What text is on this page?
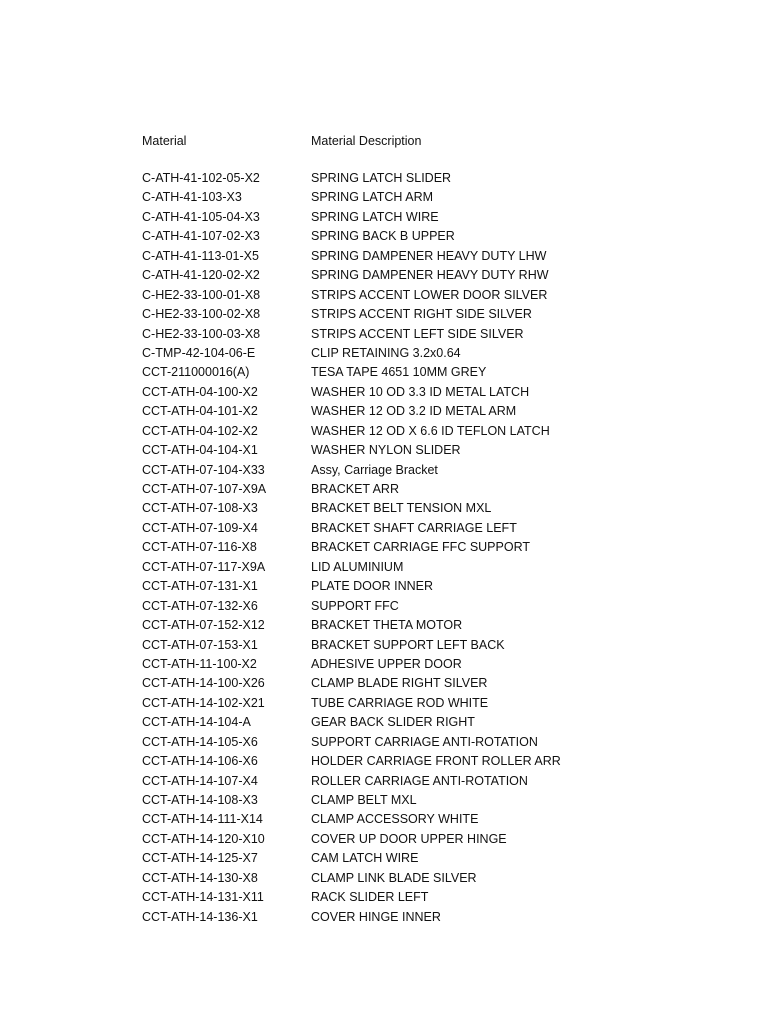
Material	Material Description
C-ATH-41-102-05-X2	SPRING LATCH SLIDER
C-ATH-41-103-X3	SPRING LATCH ARM
C-ATH-41-105-04-X3	SPRING LATCH WIRE
C-ATH-41-107-02-X3	SPRING BACK B UPPER
C-ATH-41-113-01-X5	SPRING DAMPENER HEAVY DUTY LHW
C-ATH-41-120-02-X2	SPRING DAMPENER HEAVY DUTY RHW
C-HE2-33-100-01-X8	STRIPS ACCENT LOWER DOOR SILVER
C-HE2-33-100-02-X8	STRIPS ACCENT RIGHT SIDE SILVER
C-HE2-33-100-03-X8	STRIPS ACCENT LEFT SIDE SILVER
C-TMP-42-104-06-E	CLIP RETAINING 3.2x0.64
CCT-211000016(A)	TESA TAPE 4651 10MM GREY
CCT-ATH-04-100-X2	WASHER 10 OD 3.3 ID METAL LATCH
CCT-ATH-04-101-X2	WASHER 12 OD 3.2 ID METAL ARM
CCT-ATH-04-102-X2	WASHER 12 OD X 6.6 ID TEFLON LATCH
CCT-ATH-04-104-X1	WASHER NYLON SLIDER
CCT-ATH-07-104-X33	Assy, Carriage Bracket
CCT-ATH-07-107-X9A	BRACKET ARR
CCT-ATH-07-108-X3	BRACKET BELT TENSION MXL
CCT-ATH-07-109-X4	BRACKET SHAFT CARRIAGE LEFT
CCT-ATH-07-116-X8	BRACKET CARRIAGE FFC SUPPORT
CCT-ATH-07-117-X9A	LID ALUMINIUM
CCT-ATH-07-131-X1	PLATE DOOR INNER
CCT-ATH-07-132-X6	SUPPORT FFC
CCT-ATH-07-152-X12	BRACKET THETA MOTOR
CCT-ATH-07-153-X1	BRACKET SUPPORT LEFT BACK
CCT-ATH-11-100-X2	ADHESIVE UPPER DOOR
CCT-ATH-14-100-X26	CLAMP BLADE RIGHT SILVER
CCT-ATH-14-102-X21	TUBE CARRIAGE ROD WHITE
CCT-ATH-14-104-A	GEAR BACK SLIDER RIGHT
CCT-ATH-14-105-X6	SUPPORT CARRIAGE ANTI-ROTATION
CCT-ATH-14-106-X6	HOLDER CARRIAGE FRONT ROLLER ARR
CCT-ATH-14-107-X4	ROLLER CARRIAGE ANTI-ROTATION
CCT-ATH-14-108-X3	CLAMP BELT MXL
CCT-ATH-14-111-X14	CLAMP ACCESSORY WHITE
CCT-ATH-14-120-X10	COVER UP DOOR UPPER HINGE
CCT-ATH-14-125-X7	CAM LATCH WIRE
CCT-ATH-14-130-X8	CLAMP LINK BLADE SILVER
CCT-ATH-14-131-X11	RACK SLIDER LEFT
CCT-ATH-14-136-X1	COVER HINGE INNER
